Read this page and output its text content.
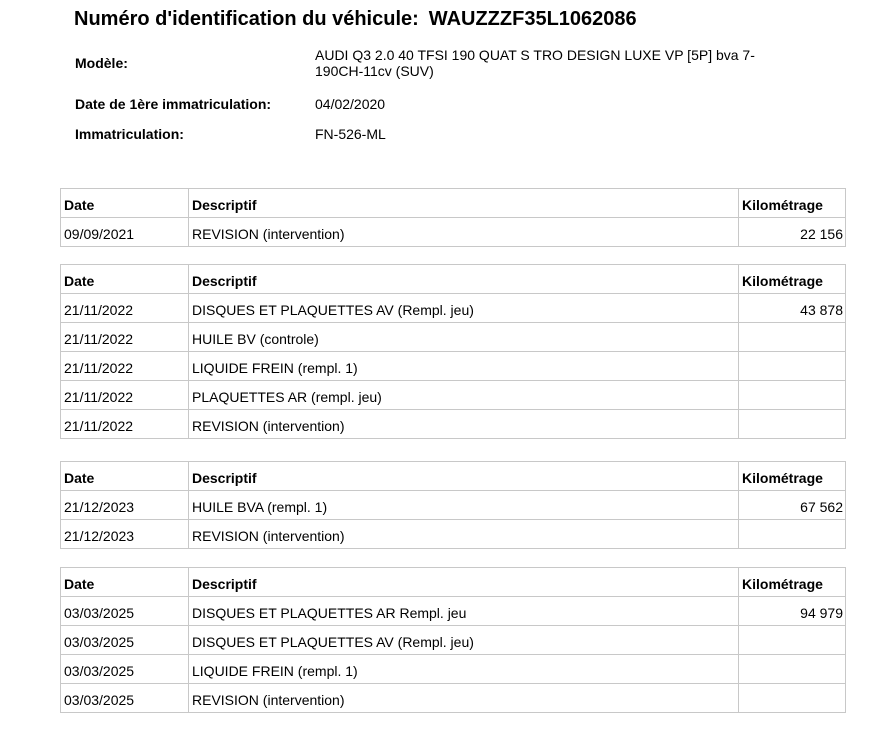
Numéro d'identification du véhicule: WAUZZZF35L1062086
Modèle:	AUDI Q3 2.0 40 TFSI 190 QUAT S TRO DESIGN LUXE VP [5P] bva 7-190CH-11cv (SUV)
Date de 1ère immatriculation:	04/02/2020
Immatriculation:	FN-526-ML
Date	Descriptif	Kilométrage
09/09/2021	REVISION (intervention)	22 156
Date	Descriptif	Kilométrage
21/11/2022	DISQUES ET PLAQUETTES AV (Rempl. jeu)	43 878
21/11/2022	HUILE BV (controle)	
21/11/2022	LIQUIDE FREIN (rempl. 1)	
21/11/2022	PLAQUETTES AR (rempl. jeu)	
21/11/2022	REVISION (intervention)	
Date	Descriptif	Kilométrage
21/12/2023	HUILE BVA (rempl. 1)	67 562
21/12/2023	REVISION (intervention)	
Date	Descriptif	Kilométrage
03/03/2025	DISQUES ET PLAQUETTES AR Rempl. jeu	94 979
03/03/2025	DISQUES ET PLAQUETTES AV (Rempl. jeu)	
03/03/2025	LIQUIDE FREIN (rempl. 1)	
03/03/2025	REVISION (intervention)	
